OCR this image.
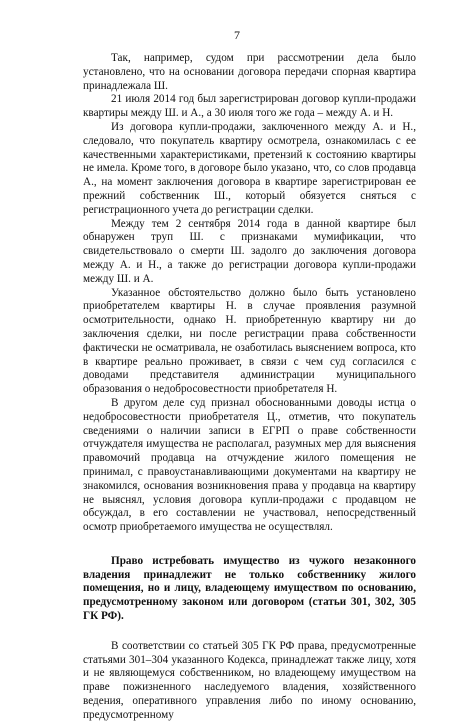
7

Так, например, судом при рассмотрении дела было установлено, что на основании договора передачи спорная квартира принадлежала Ш.

21 июля 2014 год был зарегистрирован договор купли-продажи квартиры между Ш. и А., а 30 июля того же года – между А. и Н.

Из договора купли-продажи, заключенного между А. и Н., следовало, что покупатель квартиру осмотрела, ознакомилась с ее качественными характеристиками, претензий к состоянию квартиры не имела. Кроме того, в договоре было указано, что, со слов продавца А., на момент заключения договора в квартире зарегистрирован ее прежний собственник Ш., который обязуется сняться с регистрационного учета до регистрации сделки.

Между тем 2 сентября 2014 года в данной квартире был обнаружен труп Ш. с признаками мумификации, что свидетельствовало о смерти Ш. задолго до заключения договора между А. и Н., а также до регистрации договора купли-продажи между Ш. и А.

Указанное обстоятельство должно было быть установлено приобретателем квартиры Н. в случае проявления разумной осмотрительности, однако Н. приобретенную квартиру ни до заключения сделки, ни после регистрации права собственности фактически не осматривала, не озаботилась выяснением вопроса, кто в квартире реально проживает, в связи с чем суд согласился с доводами представителя администрации муниципального образования о недобросовестности приобретателя Н.

В другом деле суд признал обоснованными доводы истца о недобросовестности приобретателя Ц., отметив, что покупатель сведениями о наличии записи в ЕГРП о праве собственности отчуждателя имущества не располагал, разумных мер для выяснения правомочий продавца на отчуждение жилого помещения не принимал, с правоустанавливающими документами на квартиру не знакомился, основания возникновения права у продавца на квартиру не выяснял, условия договора купли-продажи с продавцом не обсуждал, в его составлении не участвовал, непосредственный осмотр приобретаемого имущества не осуществлял.

Право истребовать имущество из чужого незаконного владения принадлежит не только собственнику жилого помещения, но и лицу, владеющему имуществом по основанию, предусмотренному законом или договором (статьи 301, 302, 305 ГК РФ).

В соответствии со статьей 305 ГК РФ права, предусмотренные статьями 301–304 указанного Кодекса, принадлежат также лицу, хотя и не являющемуся собственником, но владеющему имуществом на праве пожизненного наследуемого владения, хозяйственного ведения, оперативного управления либо по иному основанию, предусмотренному
